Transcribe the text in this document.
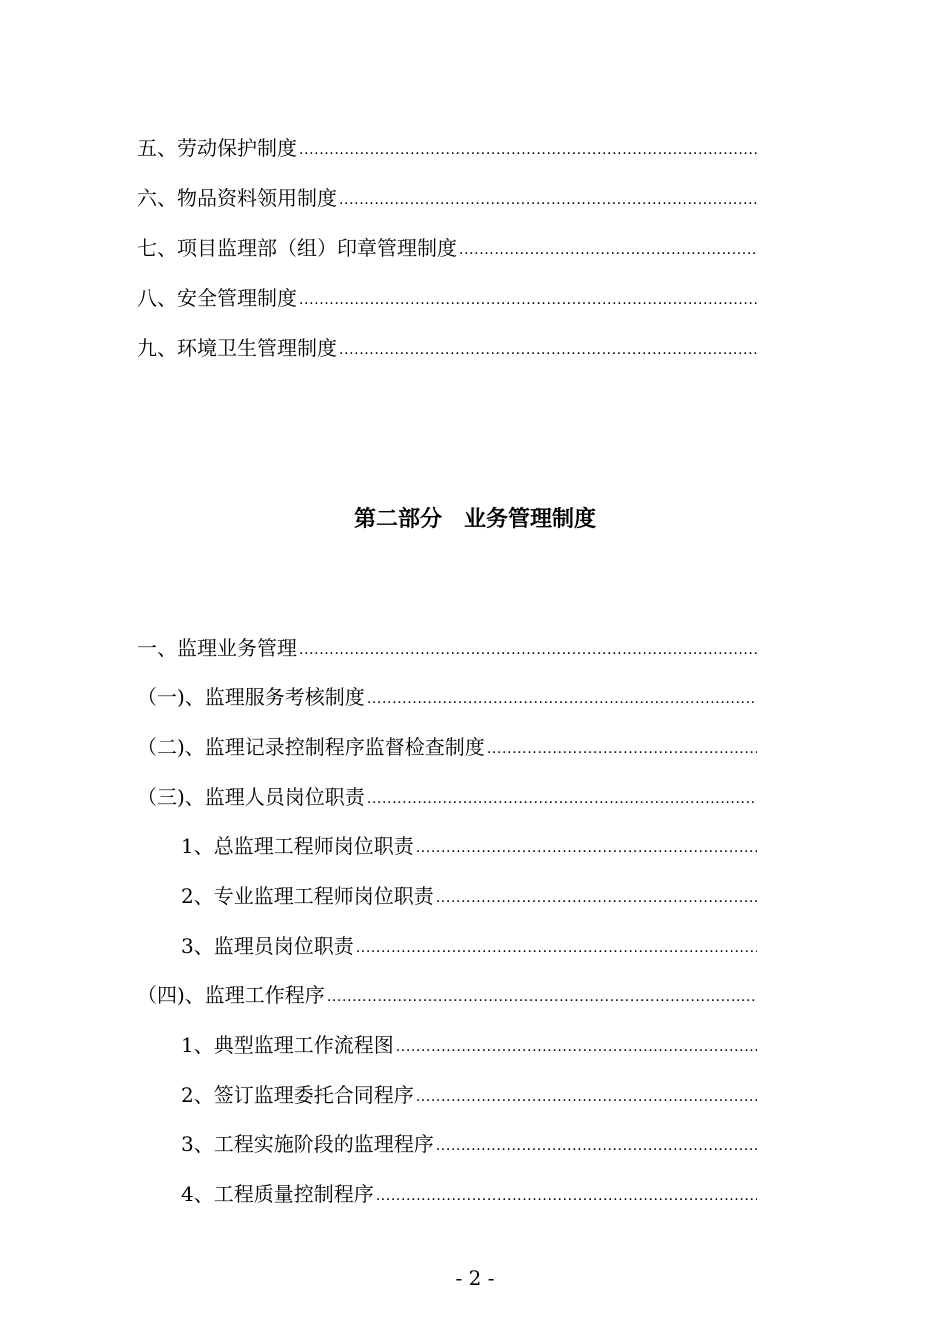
五、劳动保护制度
.....
六、物品资料领用制度
.....
七、项目监理部（组）印章管理制度
.....
八、安全管理制度
.....
九、环境卫生管理制度
.....
第二部分　业务管理制度
一、监理业务管理
.....
（一)、监理服务考核制度
.....
（二)、监理记录控制程序监督检查制度
.....
（三)、监理人员岗位职责
.....
1、总监理工程师岗位职责
.....
2、专业监理工程师岗位职责
.....
3、监理员岗位职责
.....
（四)、监理工作程序
.....
1、典型监理工作流程图
.....
2、签订监理委托合同程序
.....
3、工程实施阶段的监理程序
.....
4、工程质量控制程序
.....
- 2 -
